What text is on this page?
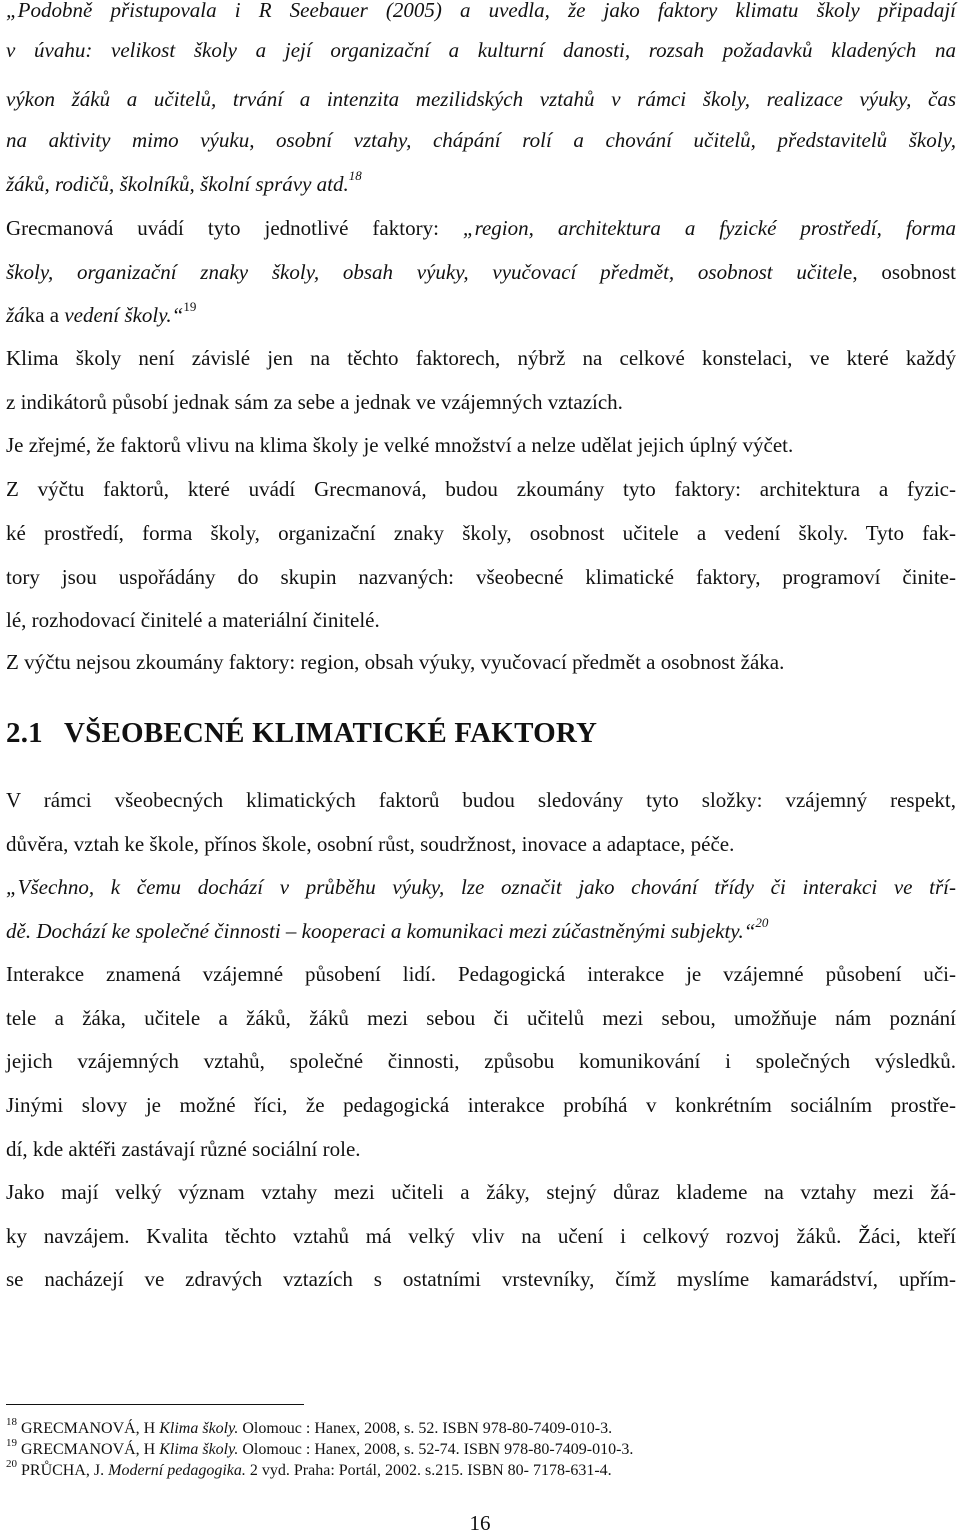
„Podobně přistupovala i R Seebauer (2005) a uvedla, že jako faktory klimatu školy připadají
v úvahu: velikost školy a její organizační a kulturní danosti, rozsah požadavků kladených na
výkon žáků a učitelů, trvání a intenzita mezilidských vztahů v rámci školy, realizace výuky, čas
na aktivity mimo výuku, osobní vztahy, chápání rolí a chování učitelů, představitelů školy,
žáků, rodičů, školníků, školní správy atd.$^{18}$
Grecmanová uvádí tyto jednotlivé faktory: „region, architektura a fyzické prostředí, forma
školy, organizační znaky školy, obsah výuky, vyučovací předmět, osobnost učitele, osobnost
žáka a vedení školy.“$^{19}$
Klima školy není závislé jen na těchto faktorech, nýbrž na celkové konstelaci, ve které každý
z indikátorů působí jednak sám za sebe a jednak ve vzájemných vztazích.
Je zřejmé, že faktorů vlivu na klima školy je velké množství a nelze udělat jejich úplný výčet.
Z výčtu faktorů, které uvádí Grecmanová, budou zkoumány tyto faktory: architektura a fyzic-
ké prostředí, forma školy, organizační znaky školy, osobnost učitele a vedení školy. Tyto fak-
tory jsou uspořádány do skupin nazvaných: všeobecné klimatické faktory, programoví činite-
lé, rozhodovací činitelé a materiální činitelé.
Z výčtu nejsou zkoumány faktory: region, obsah výuky, vyučovací předmět a osobnost žáka.
2.1 VŠEOBECNÉ KLIMATICKÉ FAKTORY
V rámci všeobecných klimatických faktorů budou sledovány tyto složky: vzájemný respekt,
důvěra, vztah ke škole, přínos škole, osobní růst, soudržnost, inovace a adaptace, péče.
„Všechno, k čemu dochází v průběhu výuky, lze označit jako chování třídy či interakci ve tří-
dě. Dochází ke společné činnosti – kooperaci a komunikaci mezi zúčastněnými subjekty.“$^{20}$
Interakce znamená vzájemné působení lidí. Pedagogická interakce je vzájemné působení uči-
tele a žáka, učitele a žáků, žáků mezi sebou či učitelů mezi sebou, umožňuje nám poznání
jejich vzájemných vztahů, společné činnosti, způsobu komunikování i společných výsledků.
Jinými slovy je možné říci, že pedagogická interakce probíhá v konkrétním sociálním prostře-
dí, kde aktéři zastávají různé sociální role.
Jako mají velký význam vztahy mezi učiteli a žáky, stejný důraz klademe na vztahy mezi žá-
ky navzájem. Kvalita těchto vztahů má velký vliv na učení i celkový rozvoj žáků. Žáci, kteří
se nacházejí ve zdravých vztazích s ostatními vrstevníky, čímž myslíme kamarádství, upřím-
$^{18}$ GRECMANOVÁ, H Klima školy. Olomouc : Hanex, 2008, s. 52. ISBN 978-80-7409-010-3.
$^{19}$ GRECMANOVÁ, H Klima školy. Olomouc : Hanex, 2008, s. 52-74. ISBN 978-80-7409-010-3.
$^{20}$ PRŮCHA, J. Moderní pedagogika. 2 vyd. Praha: Portál, 2002. s.215. ISBN 80- 7178-631-4.
16
